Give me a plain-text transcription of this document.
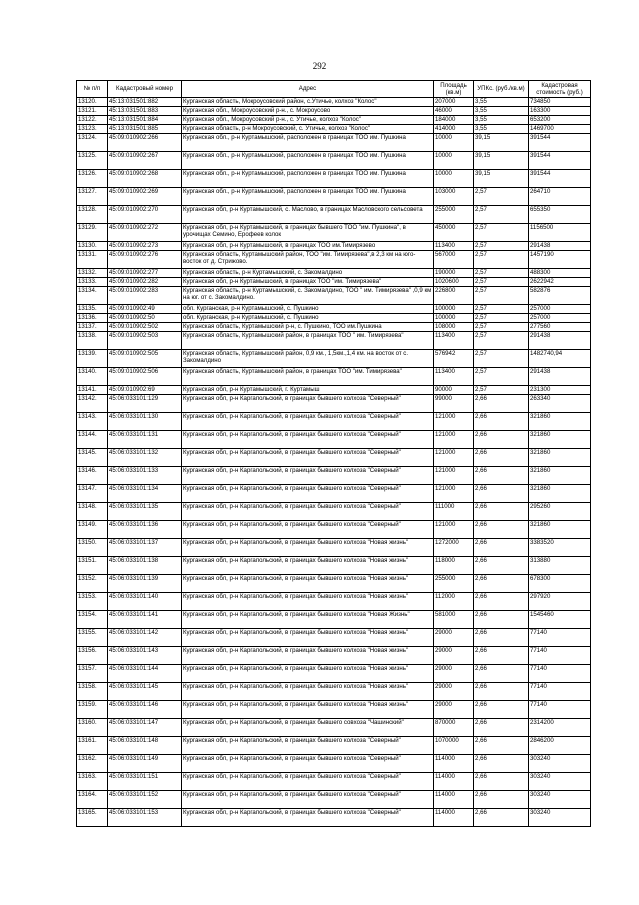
292
№ п/п	Кадастровый номер	Адрес	Площадь (кв.м)	УПКс. (руб./кв.м)	Кадастровая стоимость (руб.)
13120.	45:13:031501:882	Курганская область, Мокроусовский район, с.Утичье, колхоз "Колос"	207000	3,55	734850
13121.	45:13:031501:883	Курганская обл., Мокроусовский р-н., с. Мокроусово	46000	3,55	163300
13122.	45:13:031501:884	Курганская обл., Мокроусовский р-н., с. Утичье, колхоз "Колос"	184000	3,55	653200
13123.	45:13:031501:885	Курганская область, р-н Мокроусовский, с. Утичье, колхоз "Колос"	414000	3,55	1469700
13124.	45:09:010902:266	Курганская обл., р-н Куртамышский, расположен в границах ТОО им. Пушкина	10000	39,15	391544
13125.	45:09:010902:267	Курганская обл., р-н Куртамышский, расположен в границах ТОО им. Пушкина	10000	39,15	391544
13126.	45:09:010902:268	Курганская обл., р-н Куртамышский, расположен в границах ТОО им. Пушкина	10000	39,15	391544
13127.	45:09:010902:269	Курганская обл., р-н Куртамышский, расположен в границах ТОО им. Пушкина	103000	2,57	264710
13128.	45:09:010902:270	Курганская обл, р-н Куртамышский, с. Маслово, в границах Масловского сельсовета	255000	2,57	655350
13129.	45:09:010902:272	Курганская обл, р-н Куртамышский, в границах бывшего ТОО "им. Пушкина", в урочищах Семино, Ерофеев колок	450000	2,57	1156500
13130.	45:09:010902:273	Курганская обл, р-н Куртамышский, в границах ТОО им.Тимирязево	113400	2,57	291438
13131.	45:09:010902:276	Курганская область, Куртамышский район, ТОО "им. Тимирязева",в 2,3 км на юго-восток от д. Стрижово.	567000	2,57	1457190
13132.	45:09:010902:277	Курганская область, р-н Куртамышский, с. Закомалдино	190000	2,57	488300
13133.	45:09:010902:282	Курганская обл, р-н Куртамышский, в границах ТОО "им. Тимирязева"	1020600	2,57	2622942
13134.	45:09:010902:283	Курганская область, р-н Куртамышский, с. Закомалдино, ТОО " им. Тимирязева" ,0,9 км на юг. от с. Закомалдино.	226800	2,57	582876
13135.	45:09:010902:49	обл. Курганская, р-н Куртамышский, с. Пушкино	100000	2,57	257000
13136.	45:09:010902:50	обл. Курганская, р-н Куртамышский, с. Пушкино	100000	2,57	257000
13137.	45:09:010902:502	Курганская область, Куртамышский р-н, с. Пушкино, ТОО им.Пушкина	108000	2,57	277560
13138.	45:09:010902:503	Курганская область, Куртамышский район, в границах ТОО " им. Тимирязева"	113400	2,57	291438
13139.	45:09:010902:505	Курганская область, Куртамышский район, 0,9 км., 1,5км.,1,4 км. на восток от с. Закомалдино	576942	2,57	1482740,94
13140.	45:09:010902:506	Курганская область, Куртамышский район, в границах ТОО "им. Тимирязева"	113400	2,57	291438
13141.	45:09:010902:69	Курганская обл, р-н Куртамышский, г. Куртамыш	90000	2,57	231300
13142.	45:06:033101:129	Курганская обл, р-н Каргапольский, в границах бывшего колхоза "Северный"	99000	2,66	263340
13143.	45:06:033101:130	Курганская обл, р-н Каргапольский, в границах бывшего колхоза "Северный"	121000	2,66	321860
13144.	45:06:033101:131	Курганская обл, р-н Каргапольский, в границах бывшего колхоза "Северный"	121000	2,66	321860
13145.	45:06:033101:132	Курганская обл, р-н Каргапольский, в границах бывшего колхоза "Северный"	121000	2,66	321860
13146.	45:06:033101:133	Курганская обл, р-н Каргапольский, в границах бывшего колхоза "Северный"	121000	2,66	321860
13147.	45:06:033101:134	Курганская обл, р-н Каргапольский, в границах бывшего колхоза "Северный"	121000	2,66	321860
13148.	45:06:033101:135	Курганская обл, р-н Каргапольский, в границах бывшего колхоза "Северный"	111000	2,66	295260
13149.	45:06:033101:136	Курганская обл, р-н Каргапольский, в границах бывшего колхоза "Северный"	121000	2,66	321860
13150.	45:06:033101:137	Курганская обл, р-н Каргапольский, в границах бывшего колхоза "Новая жизнь"	1272000	2,66	3383520
13151.	45:06:033101:138	Курганская обл, р-н Каргапольский, в границах бывшего колхоза "Новая жизнь"	118000	2,66	313880
13152.	45:06:033101:139	Курганская обл, р-н Каргапольский, в границах бывшего колхоза "Новая жизнь"	255000	2,66	678300
13153.	45:06:033101:140	Курганская обл, р-н Каргапольский, в границах бывшего колхоза "Новая жизнь"	112000	2,66	297920
13154.	45:06:033101:141	Курганская обл, р-н Каргапольский, в границах бывшего колхоза "Новая Жизнь"	581000	2,66	1545460
13155.	45:06:033101:142	Курганская обл, р-н Каргапольский, в границах бывшего колхоза "Новая жизнь"	29000	2,66	77140
13156.	45:06:033101:143	Курганская обл, р-н Каргапольский, в границах бывшего колхоза "Новая жизнь"	29000	2,66	77140
13157.	45:06:033101:144	Курганская обл, р-н Каргапольский, в границах бывшего колхоза "Новая жизнь"	29000	2,66	77140
13158.	45:06:033101:145	Курганская обл, р-н Каргапольский, в границах бывшего колхоза "Новая жизнь"	29000	2,66	77140
13159.	45:06:033101:146	Курганская обл, р-н Каргапольский, в границах бывшего колхоза "Новая жизнь"	29000	2,66	77140
13160.	45:06:033101:147	Курганская обл, р-н Каргапольский, в границах бывшего совхоза "Чашинский"	870000	2,66	2314200
13161.	45:06:033101:148	Курганская обл, р-н Каргапольский, в границах бывшего колхоза "Северный"	1070000	2,66	2846200
13162.	45:06:033101:149	Курганская обл, р-н Каргапольский, в границах бывшего колхоза "Северный"	114000	2,66	303240
13163.	45:06:033101:151	Курганская обл, р-н Каргапольский, в границах бывшего колхоза "Северный"	114000	2,66	303240
13164.	45:06:033101:152	Курганская обл, р-н Каргапольский, в границах бывшего колхоза "Северный"	114000	2,66	303240
13165.	45:06:033101:153	Курганская обл, р-н Каргапольский, в границах бывшего колхоза "Северный"	114000	2,66	303240
